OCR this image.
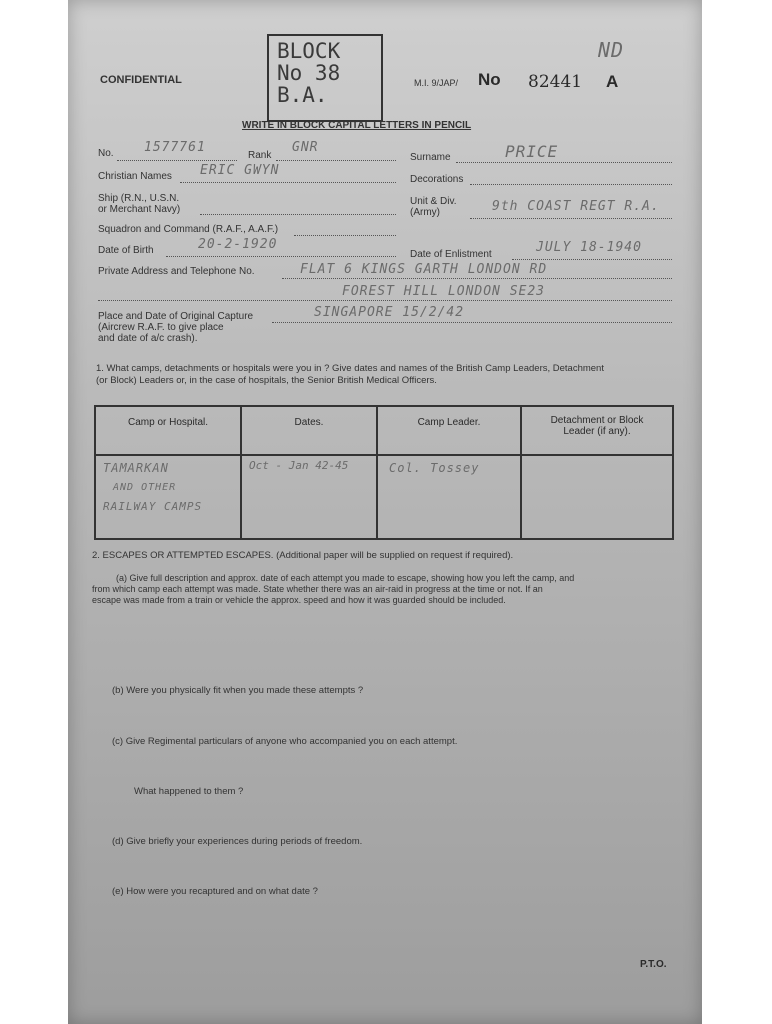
CONFIDENTIAL
BLOCK
No 38
B.A.	M.I. 9/JAP/ No 82441 A
ND
WRITE IN BLOCK CAPITAL LETTERS IN PENCIL
No. 1577761
Rank
GNR
Surname	PRICE
Christian Names ERIC GWYN
Decorations
Ship (R.N., U.S.N.
or Merchant Navy)
Unit & Div.
(Army)	9th COAST REGT R.A.
Squadron and Command (R.A.F., A.A.F.)
Date of Birth	20-2-1920
Date of Enlistment	JULY 18-1940
Private Address and Telephone No.	FLAT 6 KINGS GARTH LONDON RD
FOREST HILL LONDON SE23
Place and Date of Original Capture
(Aircrew R.A.F. to give place
and date of a/c crash).
SINGAPORE 15/2/42
1. What camps, detachments or hospitals were you in ? Give dates and names of the British Camp Leaders, Detachment
(or Block) Leaders or, in the case of hospitals, the Senior British Medical Officers.
Camp or Hospital.	Dates.	Camp Leader.	Detachment or Block
Leader (if any).

TAMARKAN
AND OTHER
RAILWAY CAMPS	Oct - Jan 42-45	Col. Tossey	

2. ESCAPES OR ATTEMPTED ESCAPES. (Additional paper will be supplied on request if required).
(a) Give full description and approx. date of each attempt you made to escape, showing how you left the camp, and
from which camp each attempt was made. State whether there was an air-raid in progress at the time or not. If an
escape was made from a train or vehicle the approx. speed and how it was guarded should be included.
(b) Were you physically fit when you made these attempts ?
(c) Give Regimental particulars of anyone who accompanied you on each attempt.
What happened to them ?
(d) Give briefly your experiences during periods of freedom.
(e) How were you recaptured and on what date ?
P.T.O.
